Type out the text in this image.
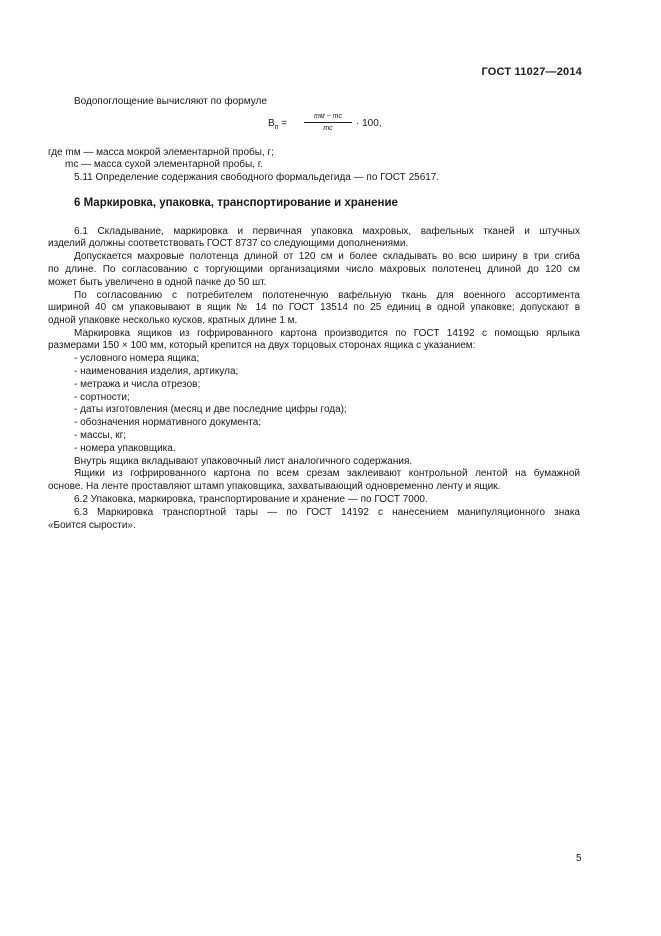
ГОСТ 11027—2014
Водопоглощение вычисляют по формуле
$В_п$ =
mм − mс
mс	· 100,
где mм — масса мокрой элементарной пробы, г;
mс — масса сухой элементарной пробы, г.
5.11 Определение содержания свободного формальдегида — по ГОСТ 25617.
6 Маркировка, упаковка, транспортирование и хранение
6.1 Складывание, маркировка и первичная упаковка махровых, вафельных тканей и штучных
изделий должны соответствовать ГОСТ 8737 со следующими дополнениями.
Допускается махровые полотенца длиной от 120 см и более складывать во всю ширину в три сгиба
по длине. По согласованию с торгующими организациями число махровых полотенец длиной до 120 см
может быть увеличено в одной пачке до 50 шт.
По согласованию с потребителем полотенечную вафельную ткань для военного ассортимента
шириной 40 см упаковывают в ящик № 14 по ГОСТ 13514 по 25 единиц в одной упаковке; допускают в
одной упаковке несколько кусков, кратных длине 1 м.
Маркировка ящиков из гофрированного картона производится по ГОСТ 14192 с помощью ярлыка
размерами 150 × 100 мм, который крепится на двух торцовых сторонах ящика с указанием:
- условного номера ящика;
- наименования изделия, артикула;
- метража и числа отрезов;
- сортности;
- даты изготовления (месяц и две последние цифры года);
- обозначения нормативного документа;
- массы, кг;
- номера упаковщика.
Внутрь ящика вкладывают упаковочный лист аналогичного содержания.
Ящики из гофрированного картона по всем срезам заклеивают контрольной лентой на бумажной
основе. На ленте проставляют штамп упаковщика, захватывающий одновременно ленту и ящик.
6.2 Упаковка, маркировка, транспортирование и хранение — по ГОСТ 7000.
6.3 Маркировка транспортной тары — по ГОСТ 14192 с нанесением манипуляционного знака
«Боится сырости».
5
